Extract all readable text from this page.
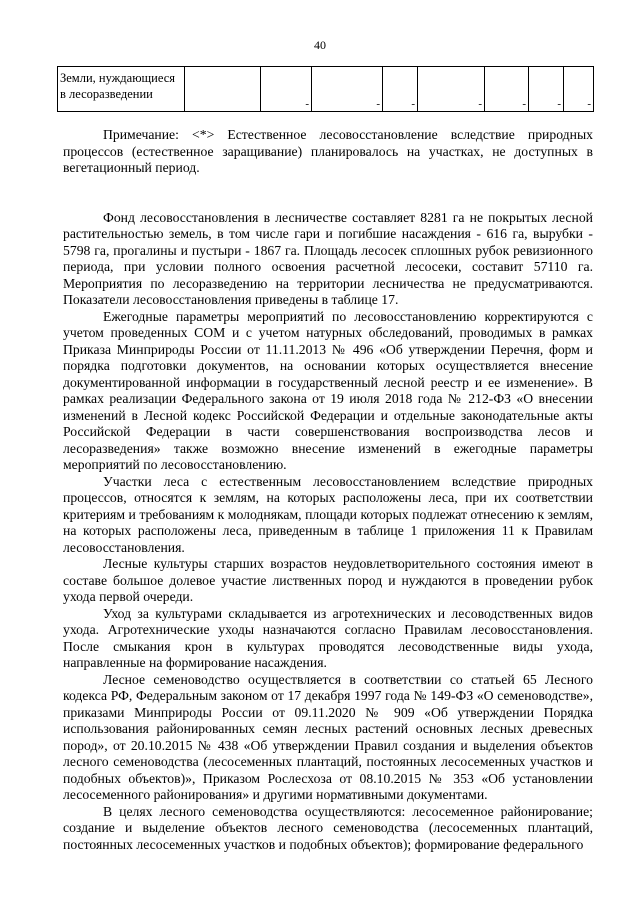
40
Земли, нуждающиеся
в лесоразведении		-	-	-	-	-	-	-

Примечание: <*> Естественное лесовосстановление вследствие природных процессов (естественное заращивание) планировалось на участках, не доступных в вегетационный период.

Фонд лесовосстановления в лесничестве составляет 8281 га не покрытых лесной растительностью земель, в том числе гари и погибшие насаждения - 616 га, вырубки - 5798 га, прогалины и пустыри - 1867 га. Площадь лесосек сплошных рубок ревизионного периода, при условии полного освоения расчетной лесосеки, составит 57110 га. Мероприятия по лесоразведению на территории лесничества не предусматриваются. Показатели лесовосстановления приведены в таблице 17.

Ежегодные параметры мероприятий по лесовосстановлению корректируются с учетом проведенных СОМ и с учетом натурных обследований, проводимых в рамках Приказа Минприроды России от 11.11.2013 № 496 «Об утверждении Перечня, форм и порядка подготовки документов, на основании которых осуществляется внесение документированной информации в государственный лесной реестр и ее изменение». В рамках реализации Федерального закона от 19 июля 2018 года № 212-ФЗ «О внесении изменений в Лесной кодекс Российской Федерации и отдельные законодательные акты Российской Федерации в части совершенствования воспроизводства лесов и лесоразведения» также возможно внесение изменений в ежегодные параметры мероприятий по лесовосстановлению.

Участки леса с естественным лесовосстановлением вследствие природных процессов, относятся к землям, на которых расположены леса, при их соответствии критериям и требованиям к молоднякам, площади которых подлежат отнесению к землям, на которых расположены леса, приведенным в таблице 1 приложения 11 к Правилам лесовосстановления.

Лесные культуры старших возрастов неудовлетворительного состояния имеют в составе большое долевое участие лиственных пород и нуждаются в проведении рубок ухода первой очереди.

Уход за культурами складывается из агротехнических и лесоводственных видов ухода. Агротехнические уходы назначаются согласно Правилам лесовосстановления. После смыкания крон в культурах проводятся лесоводственные виды ухода, направленные на формирование насаждения.

Лесное семеноводство осуществляется в соответствии со статьей 65 Лесного кодекса РФ, Федеральным законом от 17 декабря 1997 года № 149-ФЗ «О семеноводстве», приказами Минприроды России от 09.11.2020 № 909 «Об утверждении Порядка использования районированных семян лесных растений основных лесных древесных пород», от 20.10.2015 № 438 «Об утверждении Правил создания и выделения объектов лесного семеноводства (лесосеменных плантаций, постоянных лесосеменных участков и подобных объектов)», Приказом Рослесхоза от 08.10.2015 № 353 «Об установлении лесосеменного районирования» и другими нормативными документами.

В целях лесного семеноводства осуществляются: лесосеменное районирование; создание и выделение объектов лесного семеноводства (лесосеменных плантаций, постоянных лесосеменных участков и подобных объектов); формирование федерального
